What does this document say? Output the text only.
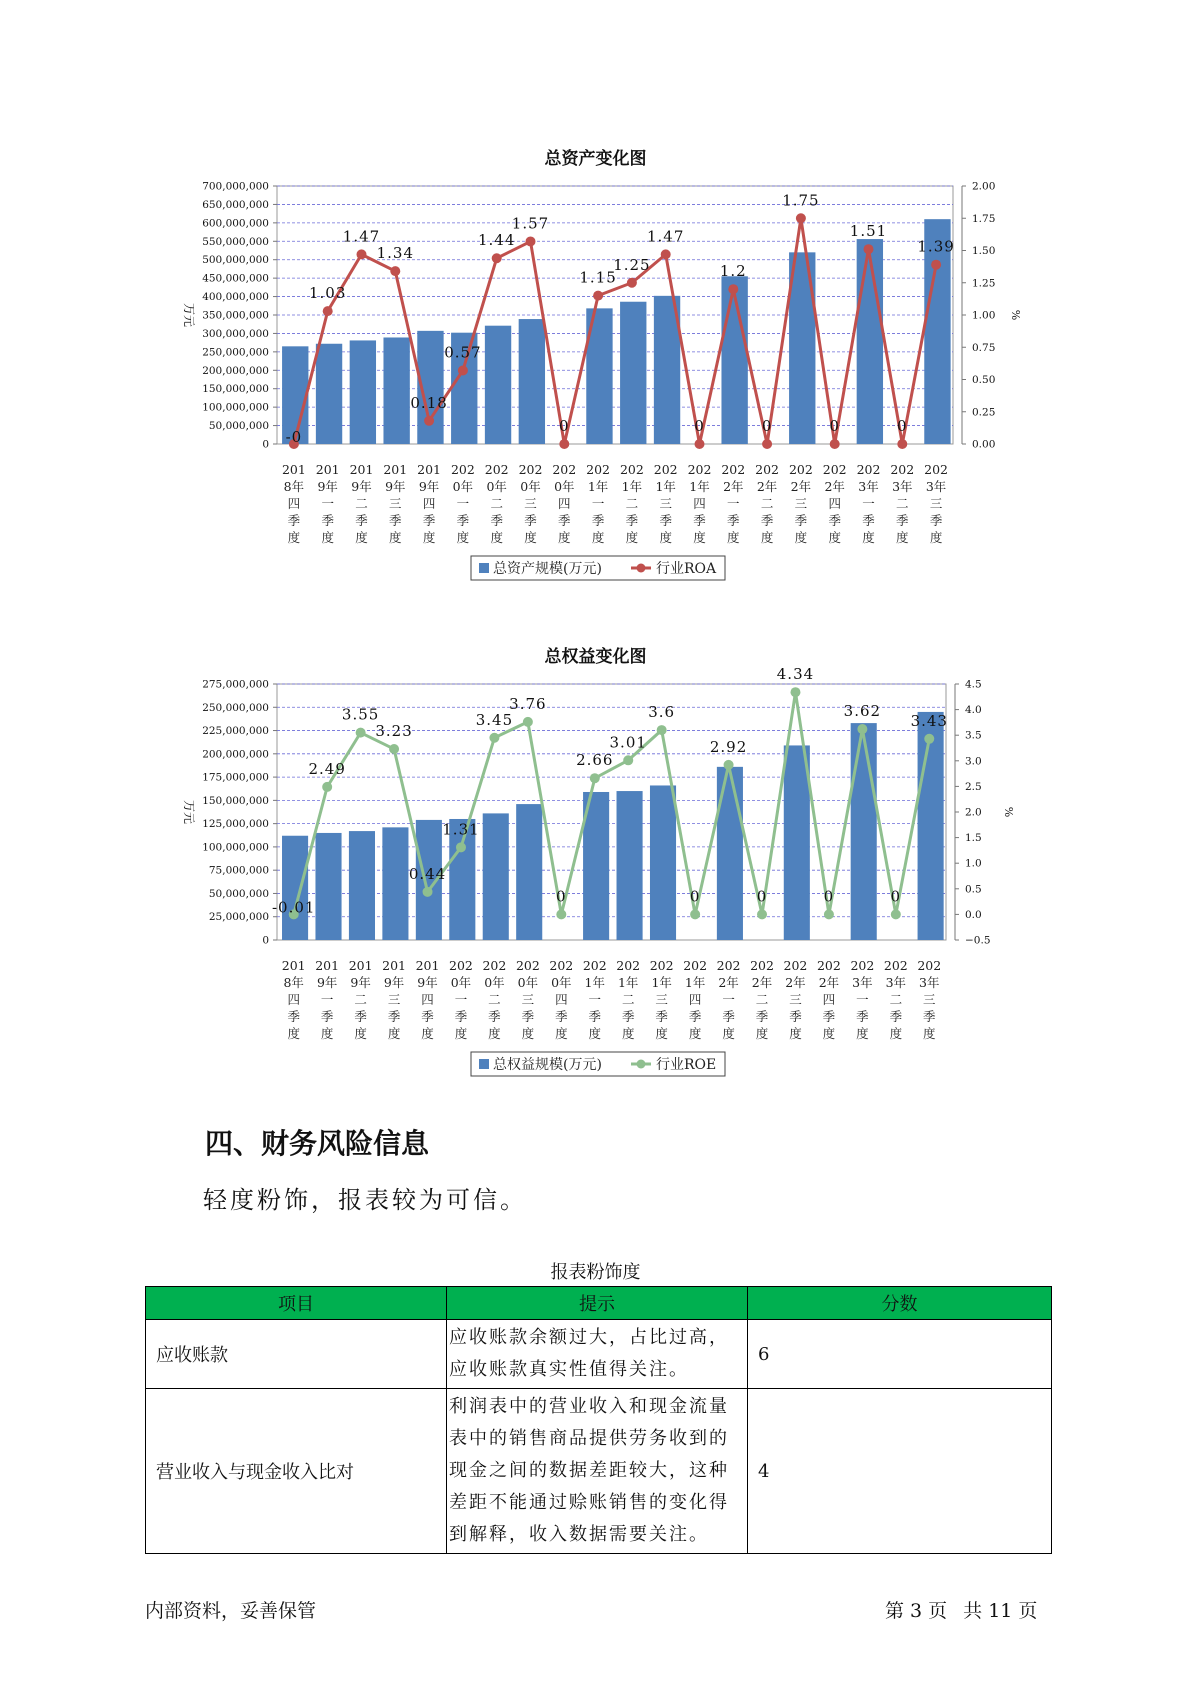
总资产变化图
0
50,000,000
100,000,000
150,000,000
200,000,000
250,000,000
300,000,000
350,000,000
400,000,000
450,000,000
500,000,000
550,000,000
600,000,000
650,000,000
700,000,000
0.00
0.25
0.50
0.75
1.00
1.25
1.50
1.75
2.00
万元	%
-0
1.03
1.47
1.34
0.18
0.57
1.44
1.57
0
1.15
1.25
1.47
0
1.2
0
1.75
0
1.51
0
1.39
201 8年四季度
201 9年一季度
201 9年二季度
201 9年三季度
201 9年四季度
202 0年一季度
202 0年二季度
202 0年三季度
202 0年四季度
202 1年一季度
202 1年二季度
202 1年三季度
202 1年四季度
202 2年一季度
202 2年二季度
202 2年三季度
202 2年四季度
202 3年一季度
202 3年二季度
202 3年三季度
总资产规模(万元)	行业ROA
总权益变化图
0
25,000,000
50,000,000
75,000,000
100,000,000
125,000,000
150,000,000
175,000,000
200,000,000
225,000,000
250,000,000
275,000,000
−0.5
0.0
0.5
1.0
1.5
2.0
2.5
3.0
3.5
4.0
4.5
万元	%
-0.01
2.49
3.55
3.23
0.44
1.31
3.45
3.76
0
2.66
3.01
3.6
0
2.92
0
4.34
0
3.62
0
3.43
201 8年四季度
201 9年一季度
201 9年二季度
201 9年三季度
201 9年四季度
202 0年一季度
202 0年二季度
202 0年三季度
202 0年四季度
202 1年一季度
202 1年二季度
202 1年三季度
202 1年四季度
202 2年一季度
202 2年二季度
202 2年三季度
202 2年四季度
202 3年一季度
202 3年二季度
202 3年三季度
总权益规模(万元)	行业ROE
四、财务风险信息
轻度粉饰，报表较为可信。
报表粉饰度
项目	提示	分数
应收账款	应收账款余额过大，占比过高，应收账款真实性值得关注。	6
营业收入与现金收入比对	利润表中的营业收入和现金流量表中的销售商品提供劳务收到的现金之间的数据差距较大，这种差距不能通过赊账销售的变化得到解释，收入数据需要关注。	4
内部资料，妥善保管	第 3 页 共 11 页
